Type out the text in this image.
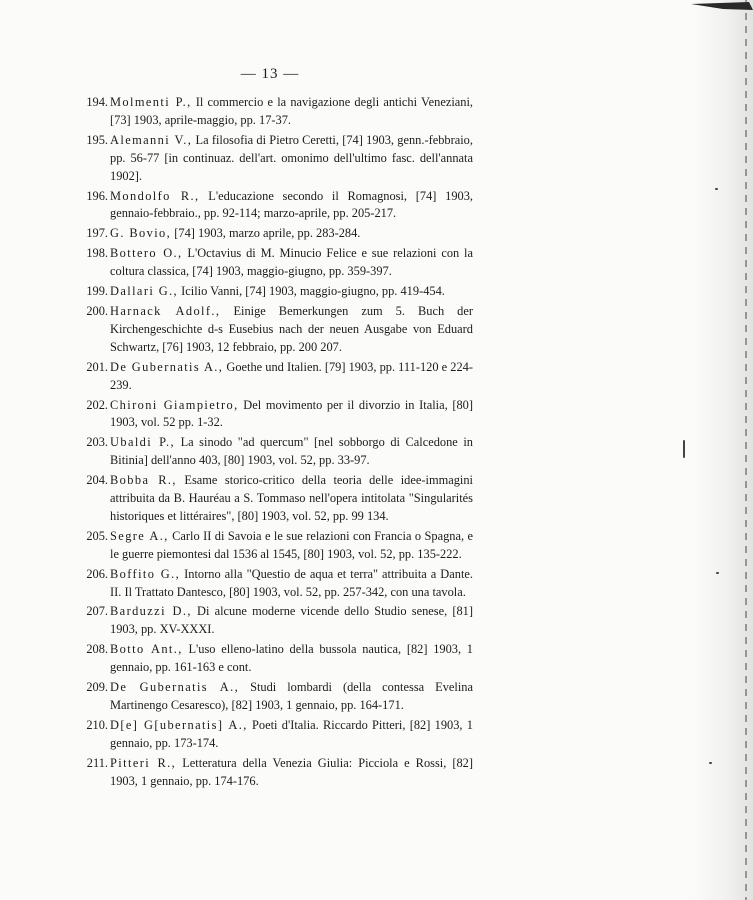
— 13 —
194. Molmenti P., Il commercio e la navigazione degli antichi Veneziani, [73] 1903, aprile-maggio, pp. 17-37.
195. Alemanni V., La filosofia di Pietro Ceretti, [74] 1903, genn.-febbraio, pp. 56-77 [in continuaz. dell'art. omonimo dell'ultimo fasc. dell'annata 1902].
196. Mondolfo R., L'educazione secondo il Romagnosi, [74] 1903, gennaio-febbraio., pp. 92-114; marzo-aprile, pp. 205-217.
197. G. Bovio, [74] 1903, marzo aprile, pp. 283-284.
198. Bottero O., L'Octavius di M. Minucio Felice e sue relazioni con la coltura classica, [74] 1903, maggio-giugno, pp. 359-397.
199. Dallari G., Icilio Vanni, [74] 1903, maggio-giugno, pp. 419-454.
200. Harnack Adolf., Einige Bemerkungen zum 5. Buch der Kirchengeschichte d-s Eusebius nach der neuen Ausgabe von Eduard Schwartz, [76] 1903, 12 febbraio, pp. 200 207.
201. De Gubernatis A., Goethe und Italien. [79] 1903, pp. 111-120 e 224-239.
202. Chironi Giampietro, Del movimento per il divorzio in Italia, [80] 1903, vol. 52 pp. 1-32.
203. Ubaldi P., La sinodo "ad quercum" [nel sobborgo di Calcedone in Bitinia] dell'anno 403, [80] 1903, vol. 52, pp. 33-97.
204. Bobba R., Esame storico-critico della teoria delle idee-immagini attribuita da B. Hauréau a S. Tommaso nell'opera intitolata "Singularités historiques et littéraires", [80] 1903, vol. 52, pp. 99 134.
205. Segre A., Carlo II di Savoia e le sue relazioni con Francia o Spagna, e le guerre piemontesi dal 1536 al 1545, [80] 1903, vol. 52, pp. 135-222.
206. Boffito G., Intorno alla "Questio de aqua et terra" attribuita a Dante. II. Il Trattato Dantesco, [80] 1903, vol. 52, pp. 257-342, con una tavola.
207. Barduzzi D., Di alcune moderne vicende dello Studio senese, [81] 1903, pp. XV-XXXI.
208. Botto Ant., L'uso elleno-latino della bussola nautica, [82] 1903, 1 gennaio, pp. 161-163 e cont.
209. De Gubernatis A., Studi lombardi (della contessa Evelina Martinengo Cesaresco), [82] 1903, 1 gennaio, pp. 164-171.
210. D[e] G[ubernatis] A., Poeti d'Italia. Riccardo Pitteri, [82] 1903, 1 gennaio, pp. 173-174.
211. Pitteri R., Letteratura della Venezia Giulia: Picciola e Rossi, [82] 1903, 1 gennaio, pp. 174-176.
